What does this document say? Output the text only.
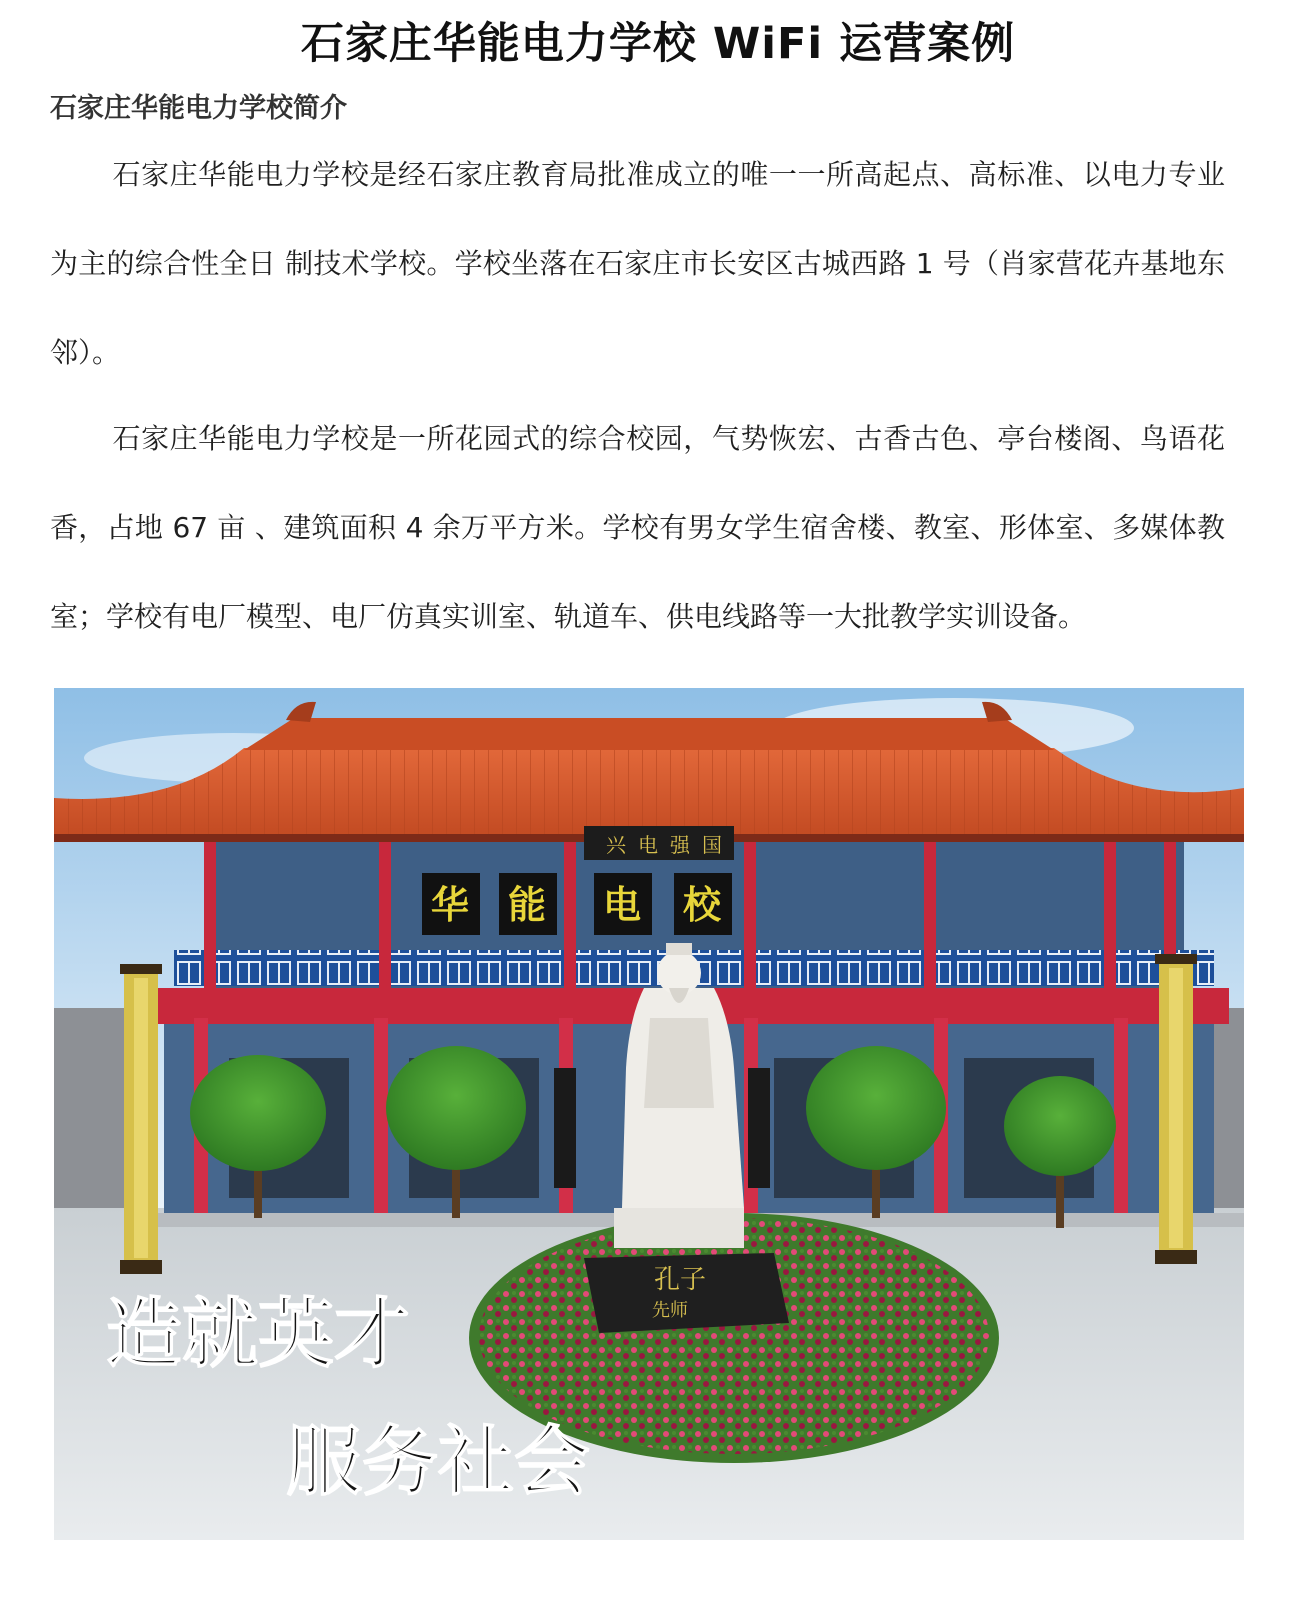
石家庄华能电力学校 WiFi 运营案例
石家庄华能电力学校简介

石家庄华能电力学校是经石家庄教育局批准成立的唯一一所高起点、高标准、以电力专业为主的综合性全日 制技术学校。学校坐落在石家庄市长安区古城西路 1 号（肖家营花卉基地东邻）。

石家庄华能电力学校是一所花园式的综合校园，气势恢宏、古香古色、亭台楼阁、鸟语花香，占地 67 亩 、建筑面积 4 余万平方米。学校有男女学生宿舍楼、教室、形体室、多媒体教室；学校有电厂模型、电厂仿真实训室、轨道车、供电线路等一大批教学实训设备。

兴 电 强 国
华 能 电 校
孔子
先师
造就英才
服务社会
